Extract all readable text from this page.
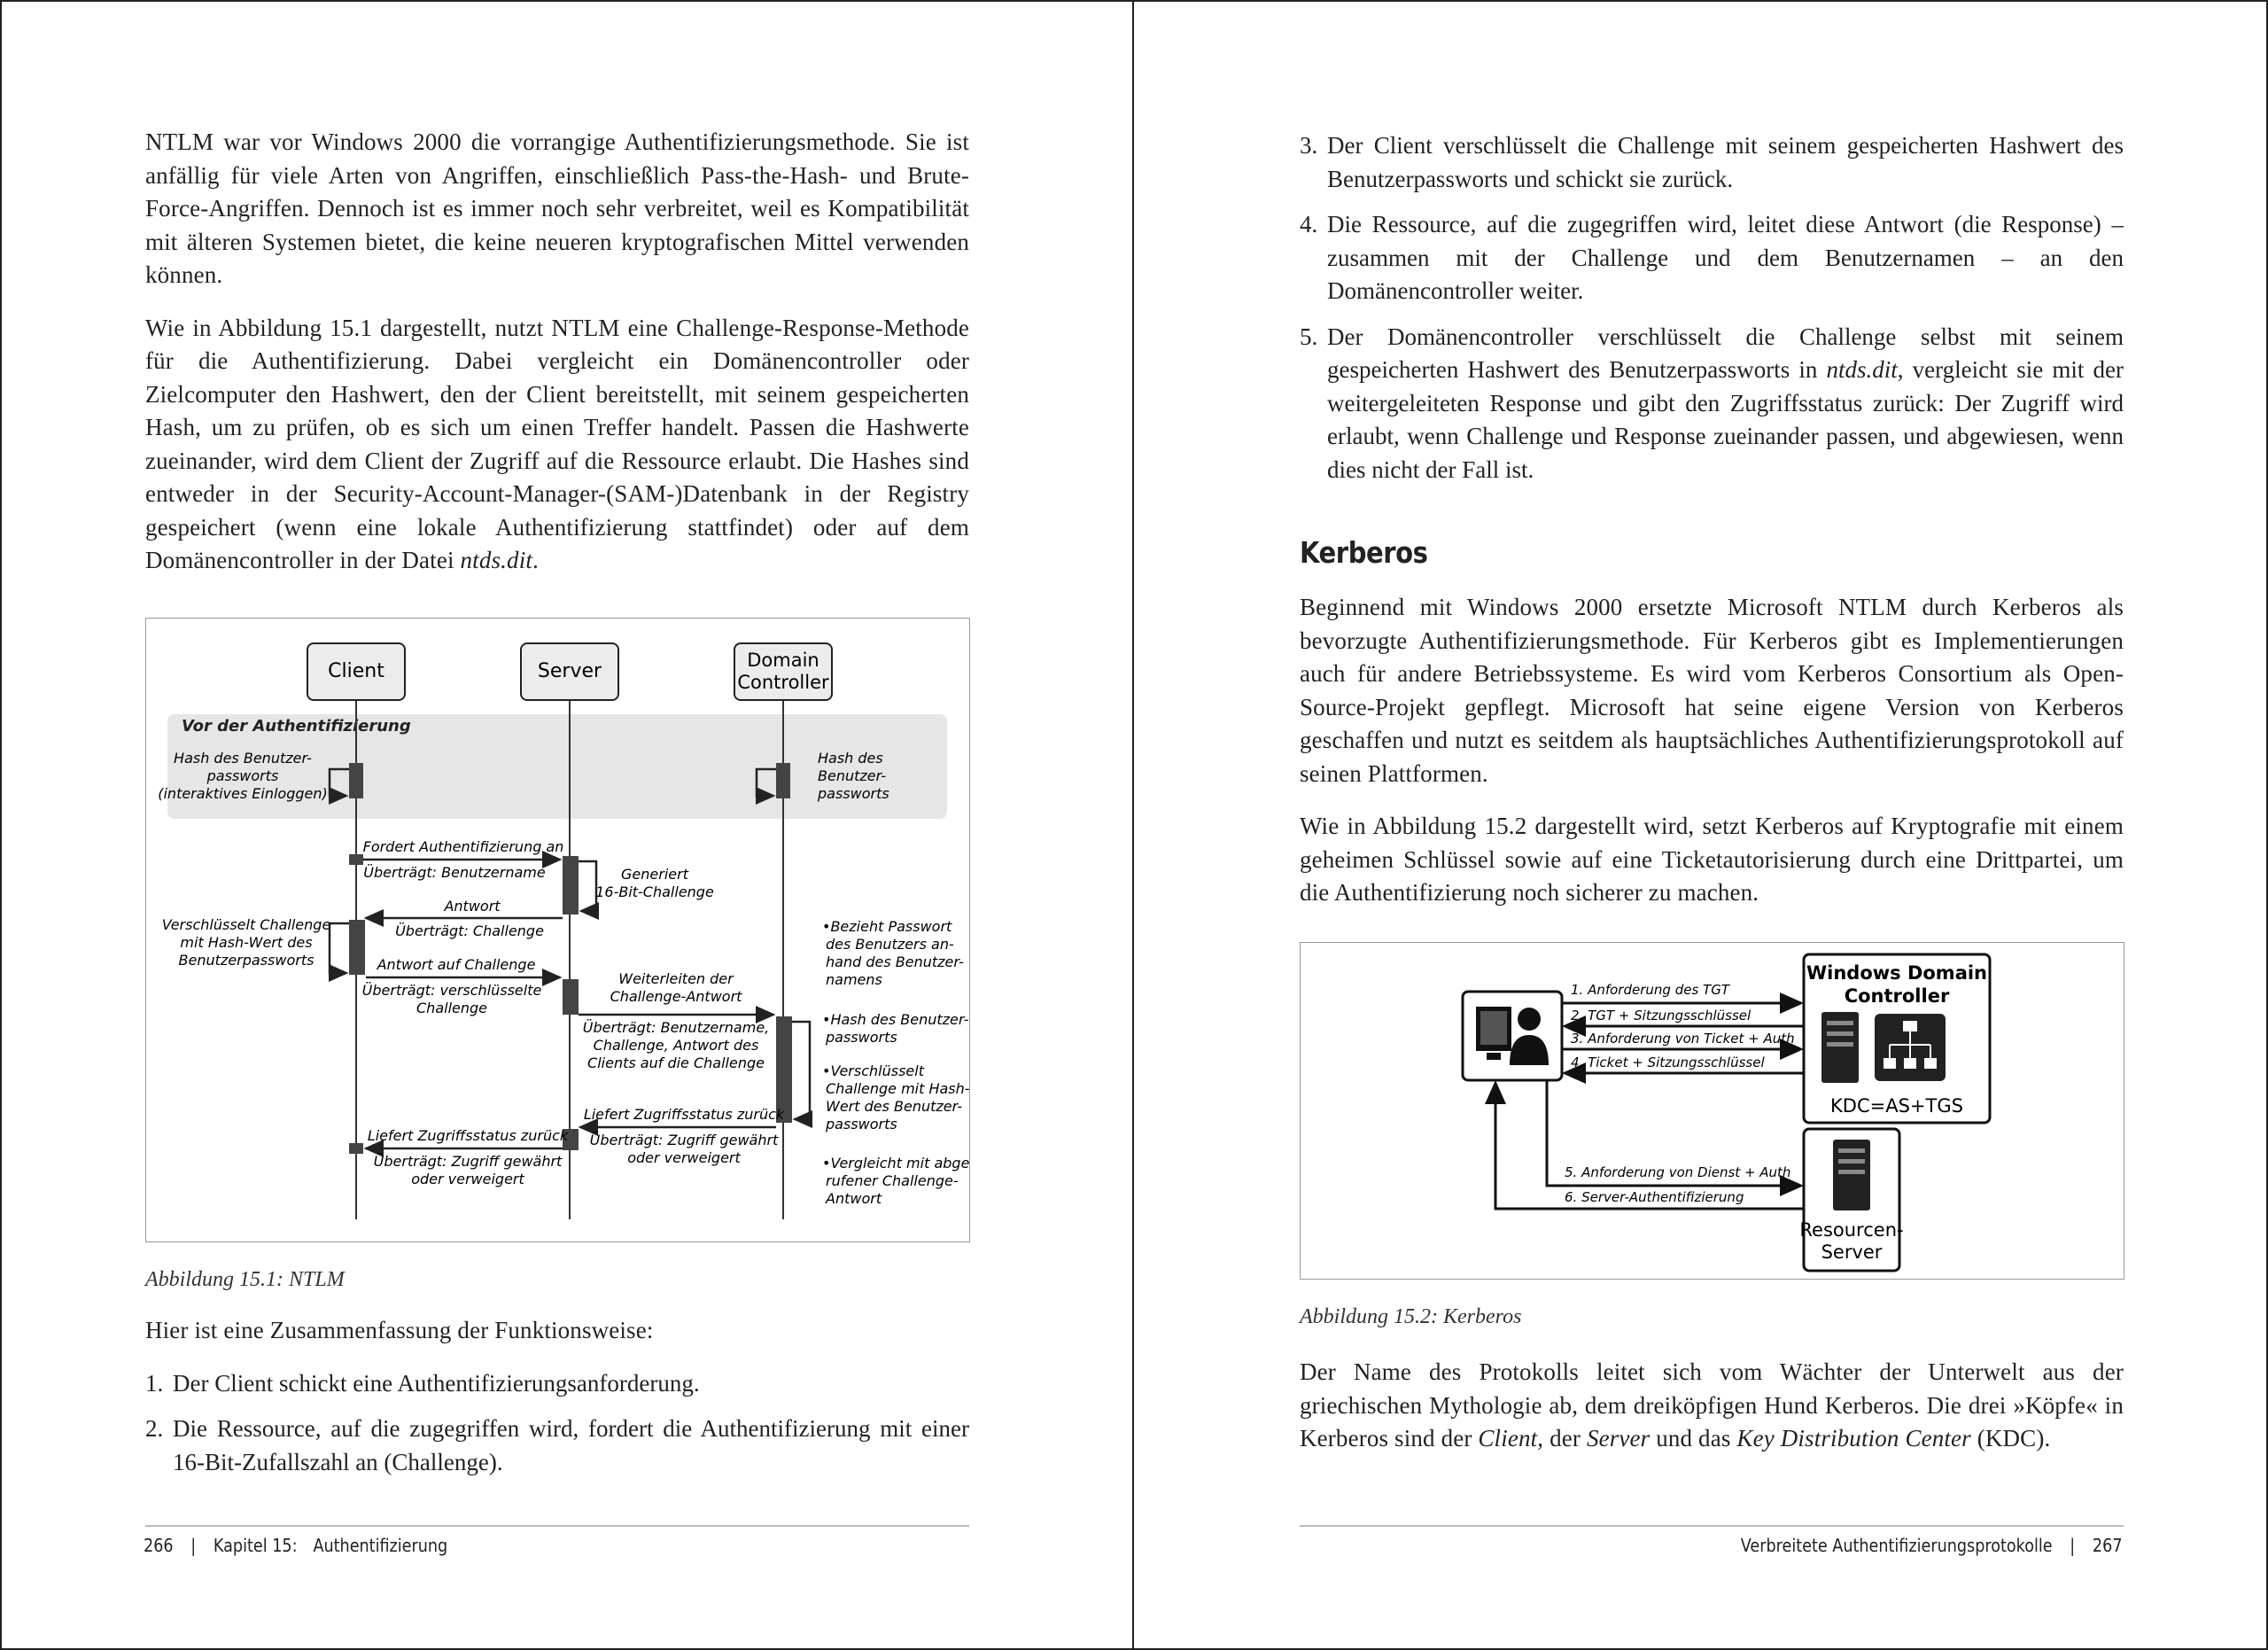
NTLM war vor Windows 2000 die vorrangige Authentifizierungsmethode. Sie ist anfällig für viele Arten von Angriffen, einschließlich Pass-the-Hash- und Brute-Force-Angriffen. Dennoch ist es immer noch sehr verbreitet, weil es Kompatibilität mit älteren Systemen bietet, die keine neueren kryptografischen Mittel verwenden können.

Wie in Abbildung 15.1 dargestellt, nutzt NTLM eine Challenge-Response-Methode für die Authentifizierung. Dabei vergleicht ein Domänencontroller oder Zielcomputer den Hashwert, den der Client bereitstellt, mit seinem gespeicherten Hash, um zu prüfen, ob es sich um einen Treffer handelt. Passen die Hashwerte zueinander, wird dem Client der Zugriff auf die Ressource erlaubt. Die Hashes sind entweder in der Security-Account-Manager-(SAM-)Datenbank in der Registry gespeichert (wenn eine lokale Authentifizierung stattfindet) oder auf dem Domänencontroller in der Datei ntds.dit.

Vor der Authentifizierung
Client	Server	Domain
Controller
Hash des Benutzer-
passworts
(interaktives Einloggen)
Hash des
Benutzer-
passworts
Fordert Authentifizierung an
Überträgt: Benutzername	Generiert
16-Bit-Challenge
Antwort
Überträgt: Challenge
Verschlüsselt Challenge
mit Hash-Wert des
Benutzerpassworts	Antwort auf Challenge
Überträgt: verschlüsselte
Challenge
Weiterleiten der
Challenge-Antwort
Überträgt: Benutzername,
Challenge, Antwort des
Clients auf die Challenge
•Bezieht Passwort
des Benutzers an-
hand des Benutzer-
namens
•Hash des Benutzer-
passworts
•Verschlüsselt
Challenge mit Hash-
Wert des Benutzer-
passworts
•Vergleicht mit abge-
rufener Challenge-
Antwort
Liefert Zugriffsstatus zurück
Überträgt: Zugriff gewährt
oder verweigert
Liefert Zugriffsstatus zurück
Überträgt: Zugriff gewährt
oder verweigert
Abbildung 15.1: NTLM

Hier ist eine Zusammenfassung der Funktionsweise:

1. Der Client schickt eine Authentifizierungsanforderung.
2. Die Ressource, auf die zugegriffen wird, fordert die Authentifizierung mit einer 16-Bit-Zufallszahl an (Challenge).
266 | Kapitel 15: Authentifizierung
3. Der Client verschlüsselt die Challenge mit seinem gespeicherten Hashwert des Benutzerpassworts und schickt sie zurück.
4. Die Ressource, auf die zugegriffen wird, leitet diese Antwort (die Response) – zusammen mit der Challenge und dem Benutzernamen – an den Domänencontroller weiter.
5. Der Domänencontroller verschlüsselt die Challenge selbst mit seinem gespeicherten Hashwert des Benutzerpassworts in ntds.dit, vergleicht sie mit der weitergeleiteten Response und gibt den Zugriffsstatus zurück: Der Zugriff wird erlaubt, wenn Challenge und Response zueinander passen, und abgewiesen, wenn dies nicht der Fall ist.
Kerberos

Beginnend mit Windows 2000 ersetzte Microsoft NTLM durch Kerberos als bevorzugte Authentifizierungsmethode. Für Kerberos gibt es Implementierungen auch für andere Betriebssysteme. Es wird vom Kerberos Consortium als Open-Source-Projekt gepflegt. Microsoft hat seine eigene Version von Kerberos geschaffen und nutzt es seitdem als hauptsächliches Authentifizierungsprotokoll auf seinen Plattformen.

Wie in Abbildung 15.2 dargestellt wird, setzt Kerberos auf Kryptografie mit einem geheimen Schlüssel sowie auf eine Ticketautorisierung durch eine Drittpartei, um die Authentifizierung noch sicherer zu machen.

Windows Domain
Controller
KDC=AS+TGS
Resourcen-
Server
1. Anforderung des TGT
2. TGT + Sitzungsschlüssel
3. Anforderung von Ticket + Auth
4. Ticket + Sitzungsschlüssel
5. Anforderung von Dienst + Auth
6. Server-Authentifizierung
Abbildung 15.2: Kerberos

Der Name des Protokolls leitet sich vom Wächter der Unterwelt aus der griechischen Mythologie ab, dem dreiköpfigen Hund Kerberos. Die drei »Köpfe« in Kerberos sind der Client, der Server und das Key Distribution Center (KDC).

Verbreitete Authentifizierungsprotokolle | 267
